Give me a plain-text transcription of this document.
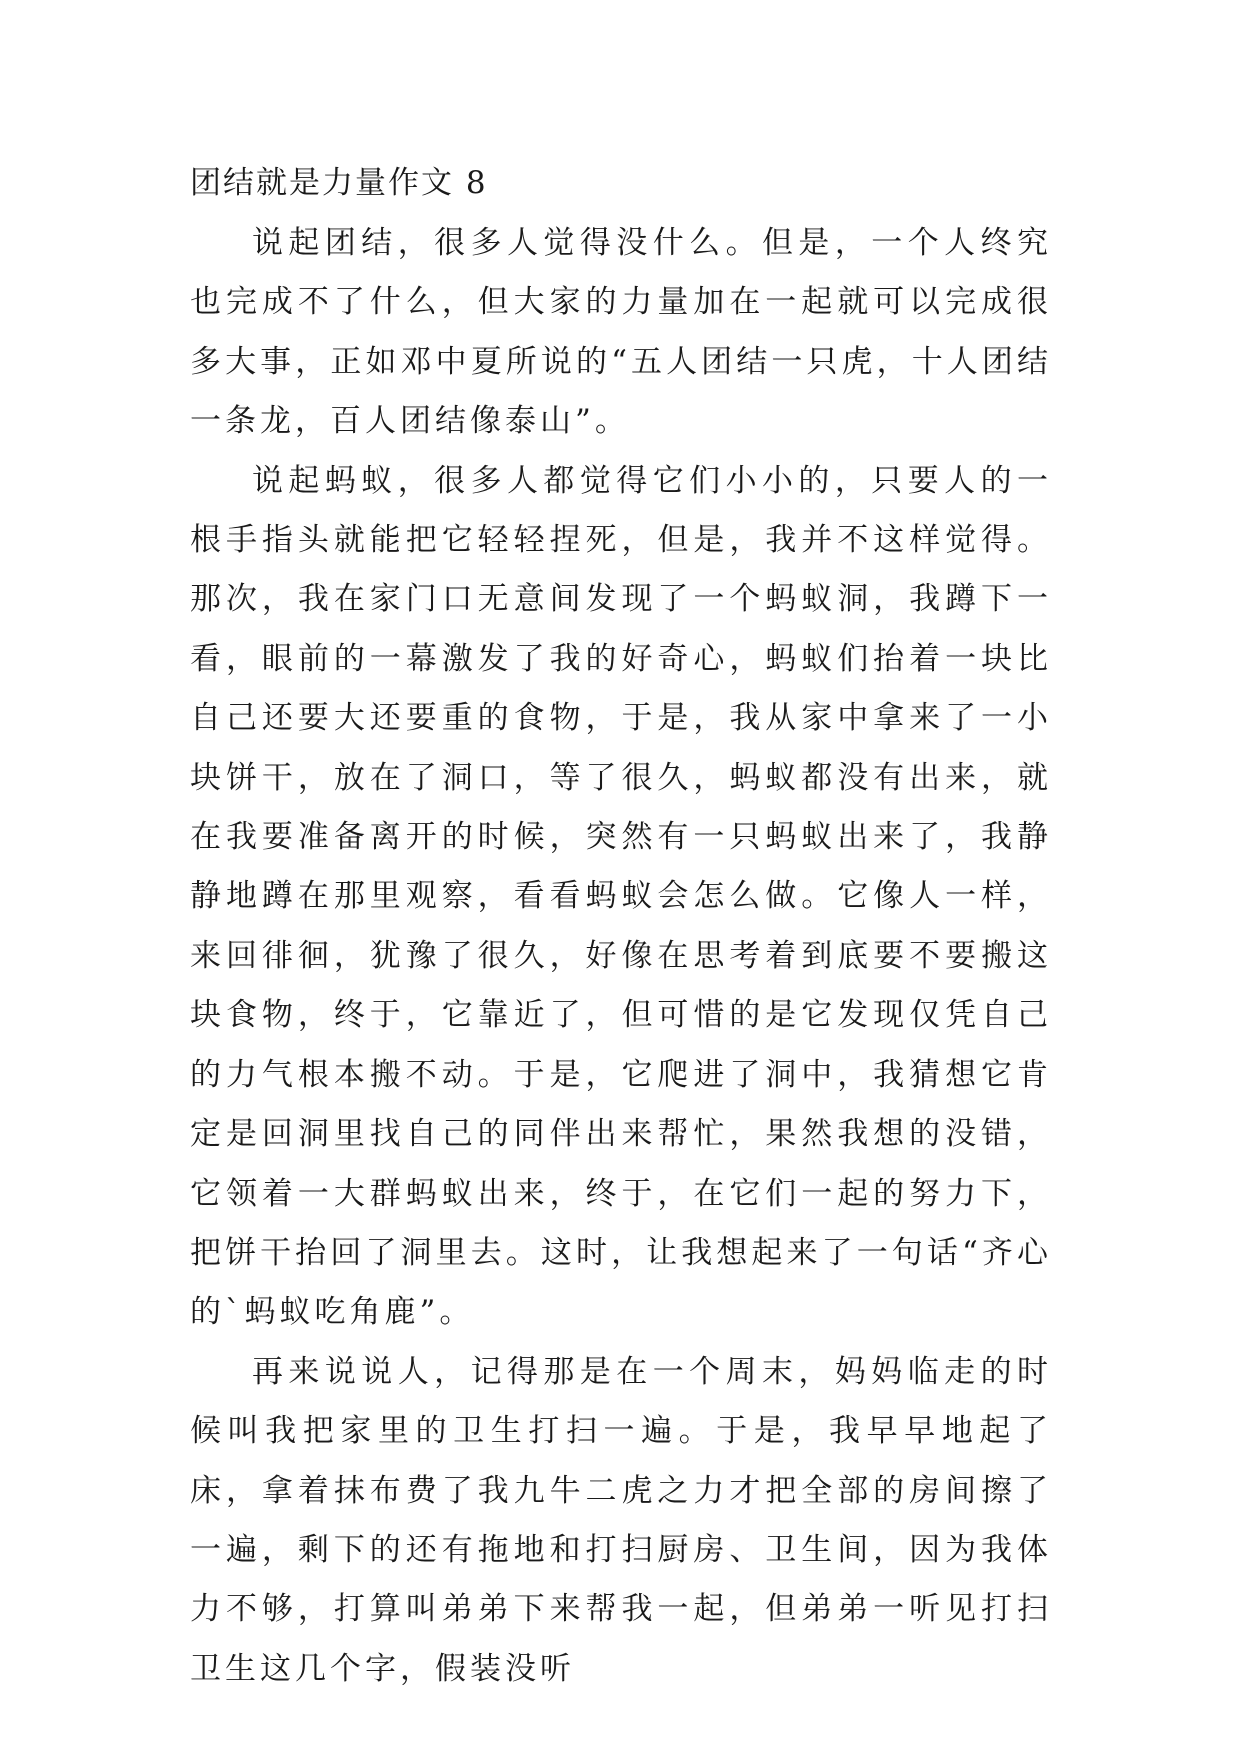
团结就是力量作文 8

说起团结，很多人觉得没什么。但是，一个人终究也完成不了什么，但大家的力量加在一起就可以完成很多大事，正如邓中夏所说的“五人团结一只虎，十人团结一条龙，百人团结像泰山”。

说起蚂蚁，很多人都觉得它们小小的，只要人的一根手指头就能把它轻轻捏死，但是，我并不这样觉得。那次，我在家门口无意间发现了一个蚂蚁洞，我蹲下一看，眼前的一幕激发了我的好奇心，蚂蚁们抬着一块比自己还要大还要重的食物，于是，我从家中拿来了一小块饼干，放在了洞口，等了很久，蚂蚁都没有出来，就在我要准备离开的时候，突然有一只蚂蚁出来了，我静静地蹲在那里观察，看看蚂蚁会怎么做。它像人一样，来回徘徊，犹豫了很久，好像在思考着到底要不要搬这块食物，终于，它靠近了，但可惜的是它发现仅凭自己的力气根本搬不动。于是，它爬进了洞中，我猜想它肯定是回洞里找自己的同伴出来帮忙，果然我想的没错，它领着一大群蚂蚁出来，终于，在它们一起的努力下，把饼干抬回了洞里去。这时，让我想起来了一句话“齐心的`蚂蚁吃角鹿”。

再来说说人，记得那是在一个周末，妈妈临走的时候叫我把家里的卫生打扫一遍。于是，我早早地起了床，拿着抹布费了我九牛二虎之力才把全部的房间擦了一遍，剩下的还有拖地和打扫厨房、卫生间，因为我体力不够，打算叫弟弟下来帮我一起，但弟弟一听见打扫卫生这几个字，假装没听
